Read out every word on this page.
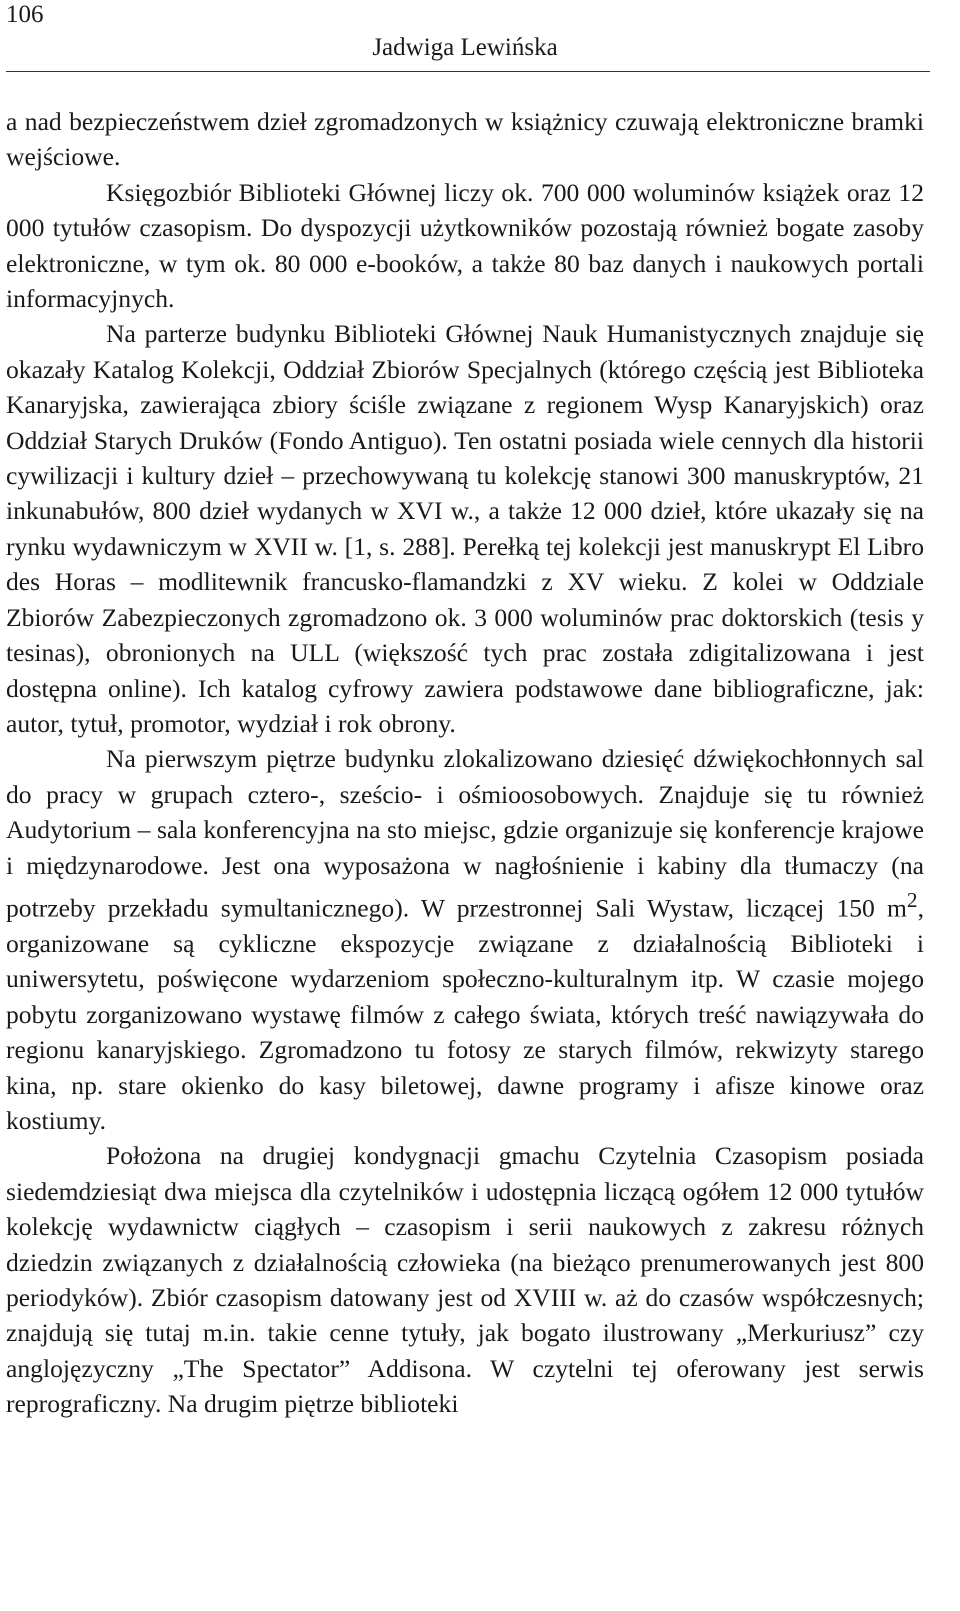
106
Jadwiga Lewińska

a nad bezpieczeństwem dzieł zgromadzonych w książnicy czuwają elektroniczne bramki wejściowe.

Księgozbiór Biblioteki Głównej liczy ok. 700 000 woluminów książek oraz 12 000 tytułów czasopism. Do dyspozycji użytkowników pozostają również bogate zasoby elektroniczne, w tym ok. 80 000 e-booków, a także 80 baz danych i naukowych portali informacyjnych.

Na parterze budynku Biblioteki Głównej Nauk Humanistycznych znajduje się okazały Katalog Kolekcji, Oddział Zbiorów Specjalnych (którego częścią jest Biblioteka Kanaryjska, zawierająca zbiory ściśle związane z regionem Wysp Kanaryjskich) oraz Oddział Starych Druków (Fondo Antiguo). Ten ostatni posiada wiele cennych dla historii cywilizacji i kultury dzieł – przechowywaną tu kolekcję stanowi 300 manuskryptów, 21 inkunabułów, 800 dzieł wydanych w XVI w., a także 12 000 dzieł, które ukazały się na rynku wydawniczym w XVII w. [1, s. 288]. Perełką tej kolekcji jest manuskrypt El Libro des Horas – modlitewnik francusko-flamandzki z XV wieku. Z kolei w Oddziale Zbiorów Zabezpieczonych zgromadzono ok. 3 000 woluminów prac doktorskich (tesis y tesinas), obronionych na ULL (większość tych prac została zdigitalizowana i jest dostępna online). Ich katalog cyfrowy zawiera podstawowe dane bibliograficzne, jak: autor, tytuł, promotor, wydział i rok obrony.

Na pierwszym piętrze budynku zlokalizowano dziesięć dźwiękochłonnych sal do pracy w grupach cztero-, sześcio- i ośmioosobowych. Znajduje się tu również Audytorium – sala konferencyjna na sto miejsc, gdzie organizuje się konferencje krajowe i międzynarodowe. Jest ona wyposażona w nagłośnienie i kabiny dla tłumaczy (na potrzeby przekładu symultanicznego). W przestronnej Sali Wystaw, liczącej 150 $m^2$, organizowane są cykliczne ekspozycje związane z działalnością Biblioteki i uniwersytetu, poświęcone wydarzeniom społeczno-kulturalnym itp. W czasie mojego pobytu zorganizowano wystawę filmów z całego świata, których treść nawiązywała do regionu kanaryjskiego. Zgromadzono tu fotosy ze starych filmów, rekwizyty starego kina, np. stare okienko do kasy biletowej, dawne programy i afisze kinowe oraz kostiumy.

Położona na drugiej kondygnacji gmachu Czytelnia Czasopism posiada siedemdziesiąt dwa miejsca dla czytelników i udostępnia liczącą ogółem 12 000 tytułów kolekcję wydawnictw ciągłych – czasopism i serii naukowych z zakresu różnych dziedzin związanych z działalnością człowieka (na bieżąco prenumerowanych jest 800 periodyków). Zbiór czasopism datowany jest od XVIII w. aż do czasów współczesnych; znajdują się tutaj m.in. takie cenne tytuły, jak bogato ilustrowany „Merkuriusz” czy anglojęzyczny „The Spectator” Addisona. W czytelni tej oferowany jest serwis reprograficzny. Na drugim piętrze biblioteki
